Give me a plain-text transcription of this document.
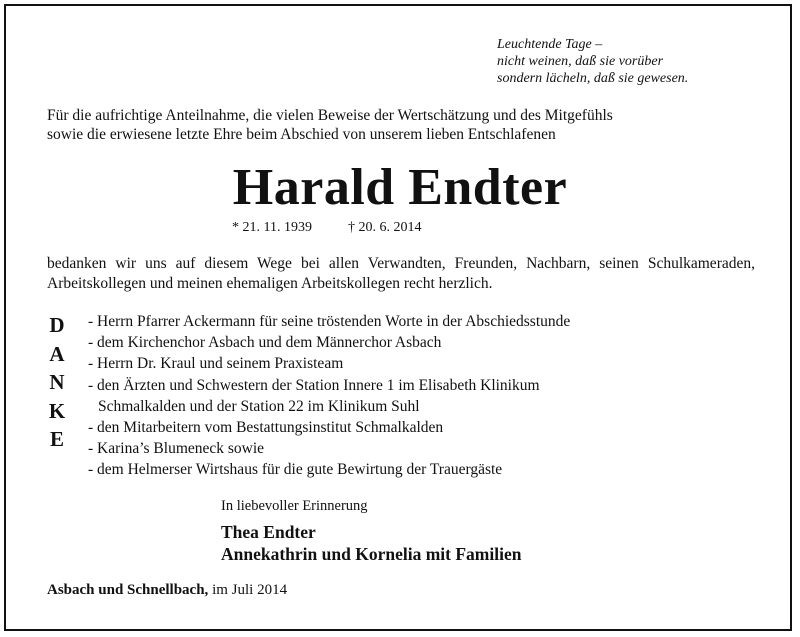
Leuchtende Tage –
nicht weinen, daß sie vorüber
sondern lächeln, daß sie gewesen.
Für die aufrichtige Anteilnahme, die vielen Beweise der Wertschätzung und des Mitgefühls
sowie die erwiesene letzte Ehre beim Abschied von unserem lieben Entschlafenen
Harald Endter
* 21. 11. 1939	† 20. 6. 2014
bedanken wir uns auf diesem Wege bei allen Verwandten, Freunden, Nachbarn, seinen Schulkameraden, Arbeitskollegen und meinen ehemaligen Arbeitskollegen recht herzlich.
D
A
N
K
E
- Herrn Pfarrer Ackermann für seine tröstenden Worte in der Abschiedsstunde
- dem Kirchenchor Asbach und dem Männerchor Asbach
- Herrn Dr. Kraul und seinem Praxisteam
- den Ärzten und Schwestern der Station Innere 1 im Elisabeth Klinikum
Schmalkalden und der Station 22 im Klinikum Suhl
- den Mitarbeitern vom Bestattungsinstitut Schmalkalden
- Karina’s Blumeneck sowie
- dem Helmerser Wirtshaus für die gute Bewirtung der Trauergäste
In liebevoller Erinnerung
Thea Endter
Annekathrin und Kornelia mit Familien
Asbach und Schnellbach, im Juli 2014
